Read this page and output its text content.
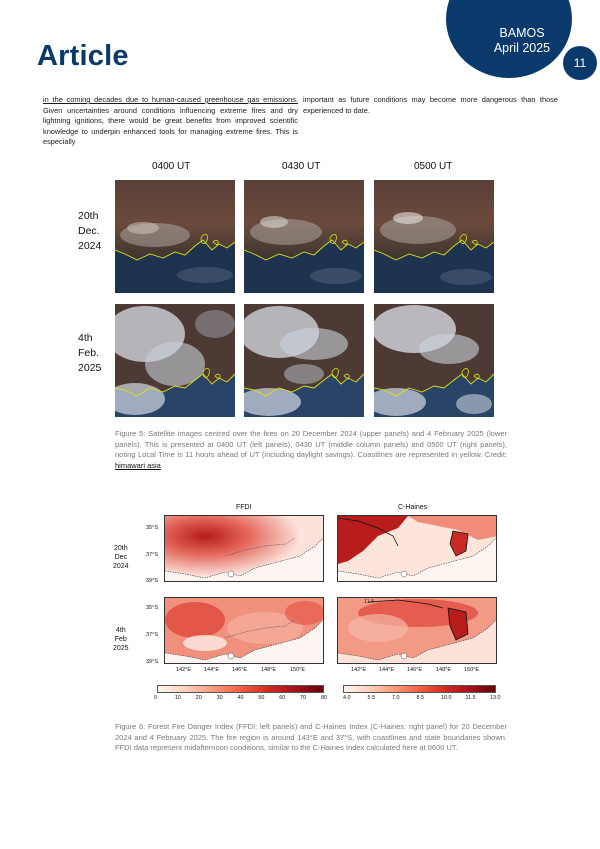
BAMOS
April 2025
11
Article
in the coming decades due to human-caused greenhouse gas emissions. Given uncertainties around conditions influencing extreme fires and dry lightning ignitions, there would be great benefits from improved scientific knowledge to underpin enhanced tools for managing extreme fires. This is especially
important as future conditions may become more dangerous than those experienced to date.
0400 UT	0430 UT	0500 UT
20th
Dec.
2024
4th
Feb.
2025
Figure 5: Satellite images centred over the fires on 20 December 2024 (upper panels) and 4 February 2025 (lower panels). This is presented at 0400 UT (left panels), 0430 UT (middle column panels) and 0500 UT (right panels), noting Local Time is 11 hours ahead of UT (including daylight savings). Coastlines are represented in yellow. Credit: himawari asia
FFDI	C-Haines
20th
Dec
2024
4th
Feb
2025
35°S
37°S
39°S
35°S
37°S
39°S
11.5
142°E 144°E 146°E	148°E	150°E	142°E 144°E 146°E	148°E 150°E
0	10	20	30	40	50	60	70	80	4.0	5.5	7.0	8.5	10.0	11.5	13.0
Figure 6: Forest Fire Danger Index (FFDI: left panels) and C-Haines Index (C-Haines: right panel) for 20 December 2024 and 4 February 2025. The fire region is around 143°E and 37°S, with coastlines and state boundaries shown. FFDI data represent midafternoon conditions, similar to the C-Haines Index calculated here at 0600 UT.
